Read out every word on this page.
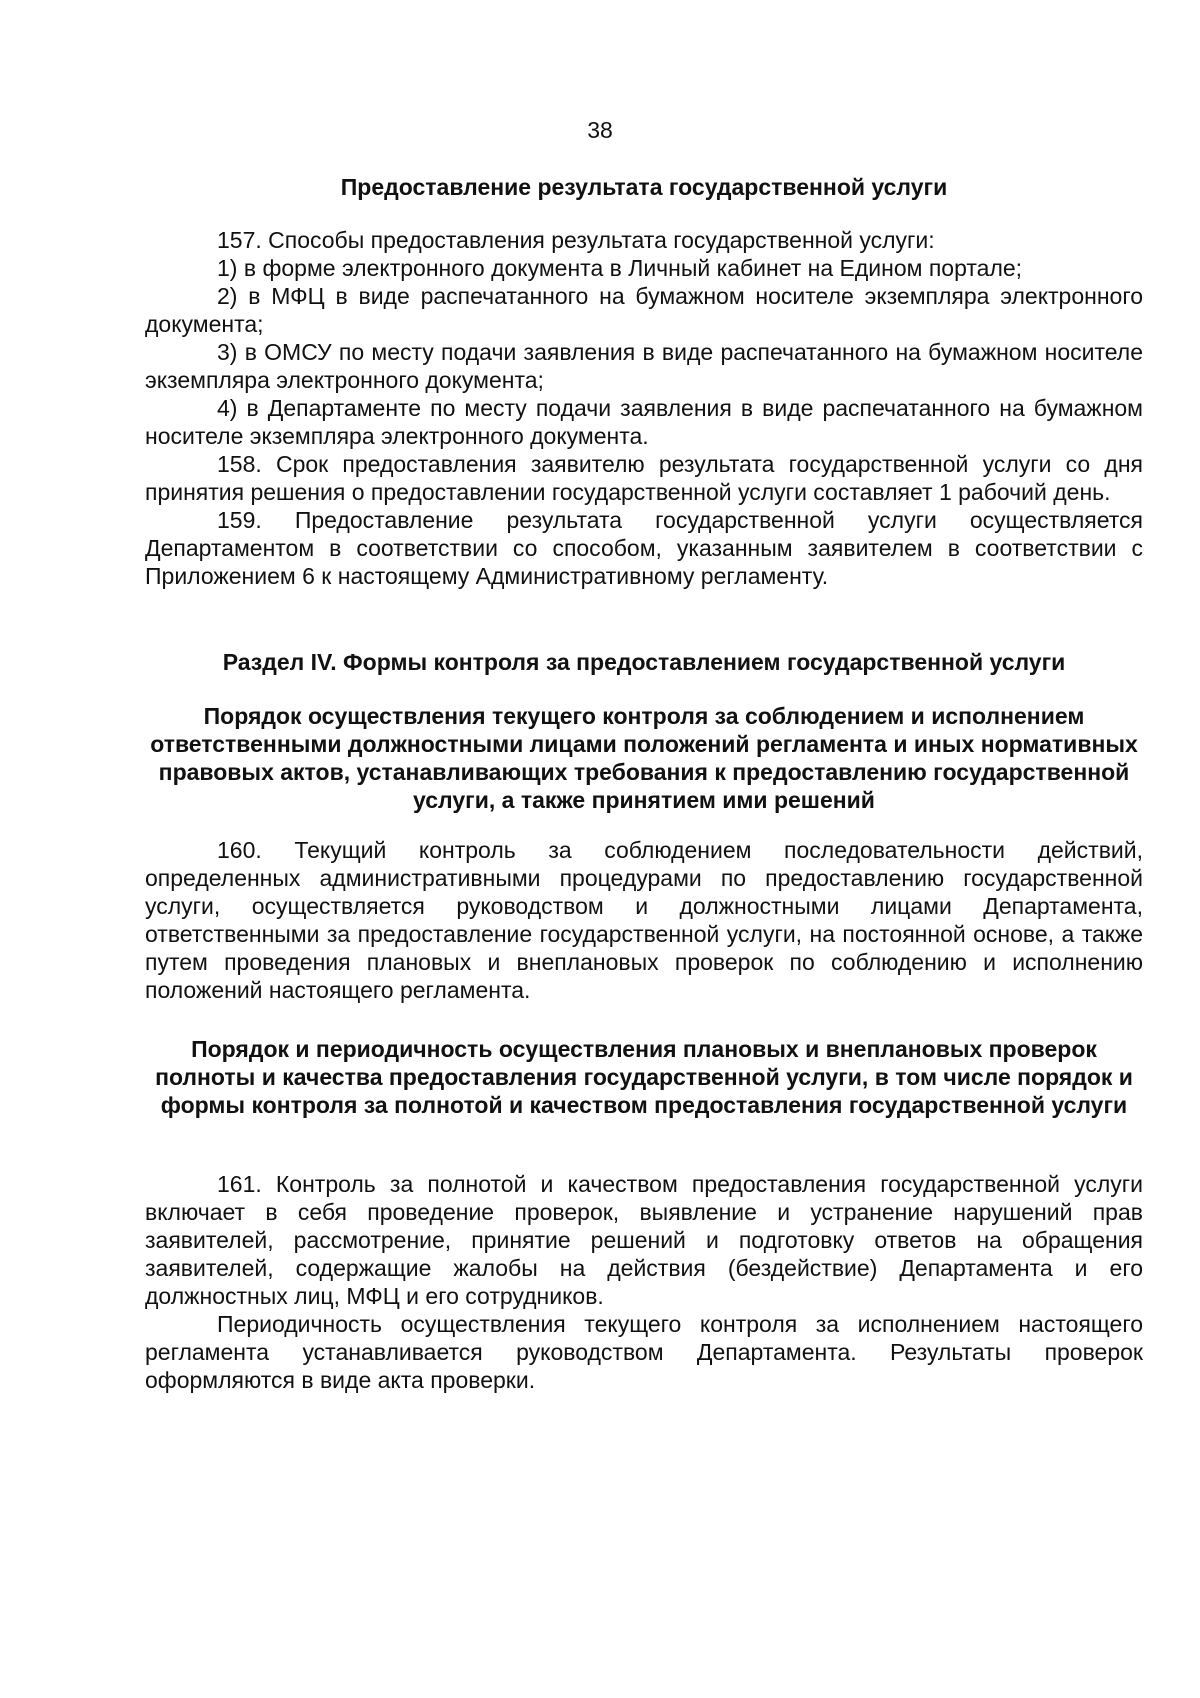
38

Предоставление результата государственной услуги

157. Способы предоставления результата государственной услуги:

1) в форме электронного документа в Личный кабинет на Едином портале;

2) в МФЦ в виде распечатанного на бумажном носителе экземпляра электронного документа;

3) в ОМСУ по месту подачи заявления в виде распечатанного на бумажном носителе экземпляра электронного документа;

4) в Департаменте по месту подачи заявления в виде распечатанного на бумажном носителе экземпляра электронного документа.

158. Срок предоставления заявителю результата государственной услуги со дня принятия решения о предоставлении государственной услуги составляет 1 рабочий день.

159. Предоставление результата государственной услуги осуществляется Департаментом в соответствии со способом, указанным заявителем в соответствии с Приложением 6 к настоящему Административному регламенту.

Раздел IV. Формы контроля за предоставлением государственной услуги

Порядок осуществления текущего контроля за соблюдением и исполнением ответственными должностными лицами положений регламента и иных нормативных правовых актов, устанавливающих требования к предоставлению государственной услуги, а также принятием ими решений

160. Текущий контроль за соблюдением последовательности действий, определенных административными процедурами по предоставлению государственной услуги, осуществляется руководством и должностными лицами Департамента, ответственными за предоставление государственной услуги, на постоянной основе, а также путем проведения плановых и внеплановых проверок по соблюдению и исполнению положений настоящего регламента.

Порядок и периодичность осуществления плановых и внеплановых проверок полноты и качества предоставления государственной услуги, в том числе порядок и формы контроля за полнотой и качеством предоставления государственной услуги

161. Контроль за полнотой и качеством предоставления государственной услуги включает в себя проведение проверок, выявление и устранение нарушений прав заявителей, рассмотрение, принятие решений и подготовку ответов на обращения заявителей, содержащие жалобы на действия (бездействие) Департамента и его должностных лиц, МФЦ и его сотрудников.

Периодичность осуществления текущего контроля за исполнением настоящего регламента устанавливается руководством Департамента. Результаты проверок оформляются в виде акта проверки.
